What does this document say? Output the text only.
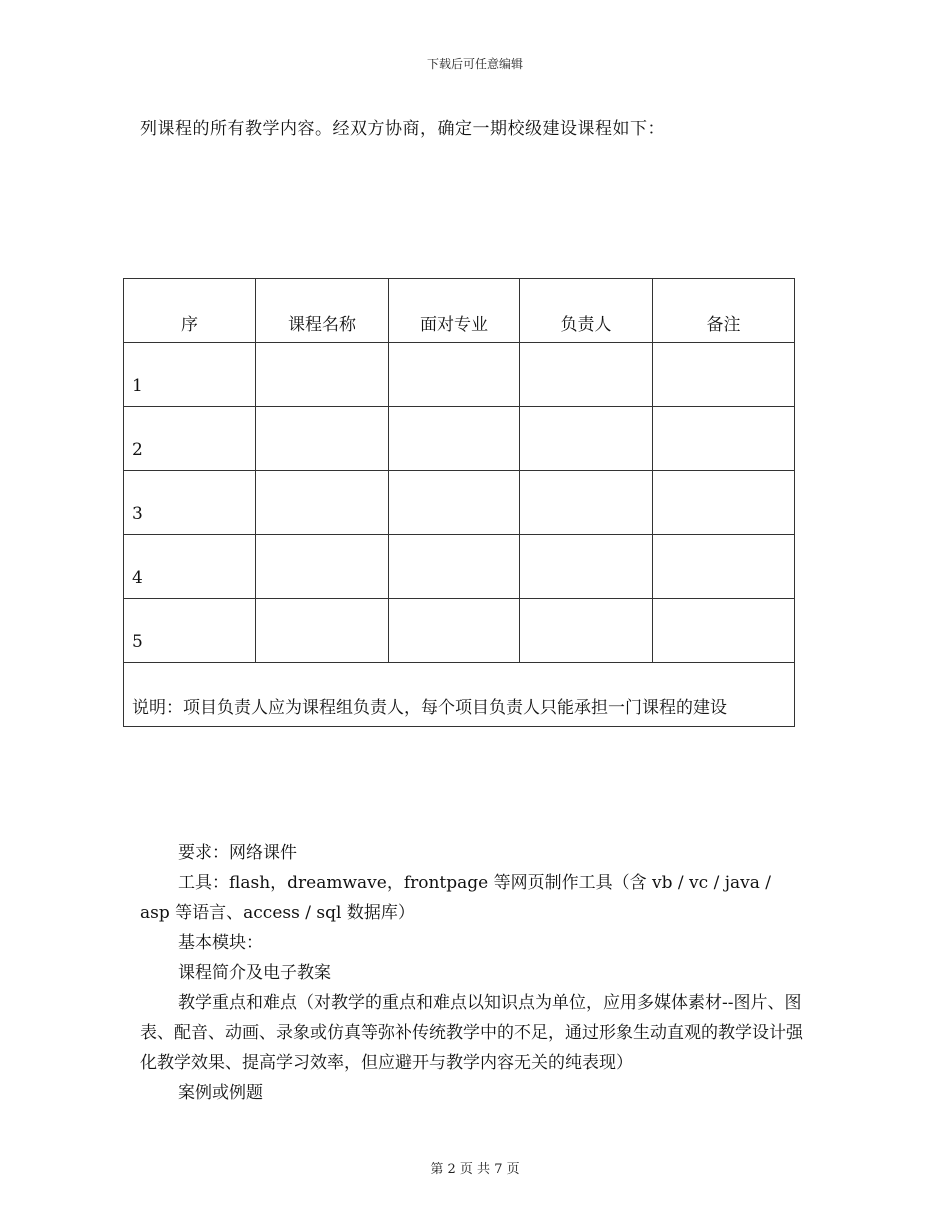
下载后可任意编辑
列课程的所有教学内容。经双方协商，确定一期校级建设课程如下：
序	课程名称	面对专业	负责人	备注
1				
2				
3				
4				
5				
说明：项目负责人应为课程组负责人，每个项目负责人只能承担一门课程的建设				

要求：网络课件

工具：flash，dreamwave，frontpage 等网页制作工具（含 vb / vc / java /

asp 等语言、access / sql 数据库）

基本模块：

课程简介及电子教案

教学重点和难点（对教学的重点和难点以知识点为单位，应用多媒体素材--图片、图表、配音、动画、录象或仿真等弥补传统教学中的不足，通过形象生动直观的教学设计强化教学效果、提高学习效率，但应避开与教学内容无关的纯表现）

案例或例题

第 2 页 共 7 页
